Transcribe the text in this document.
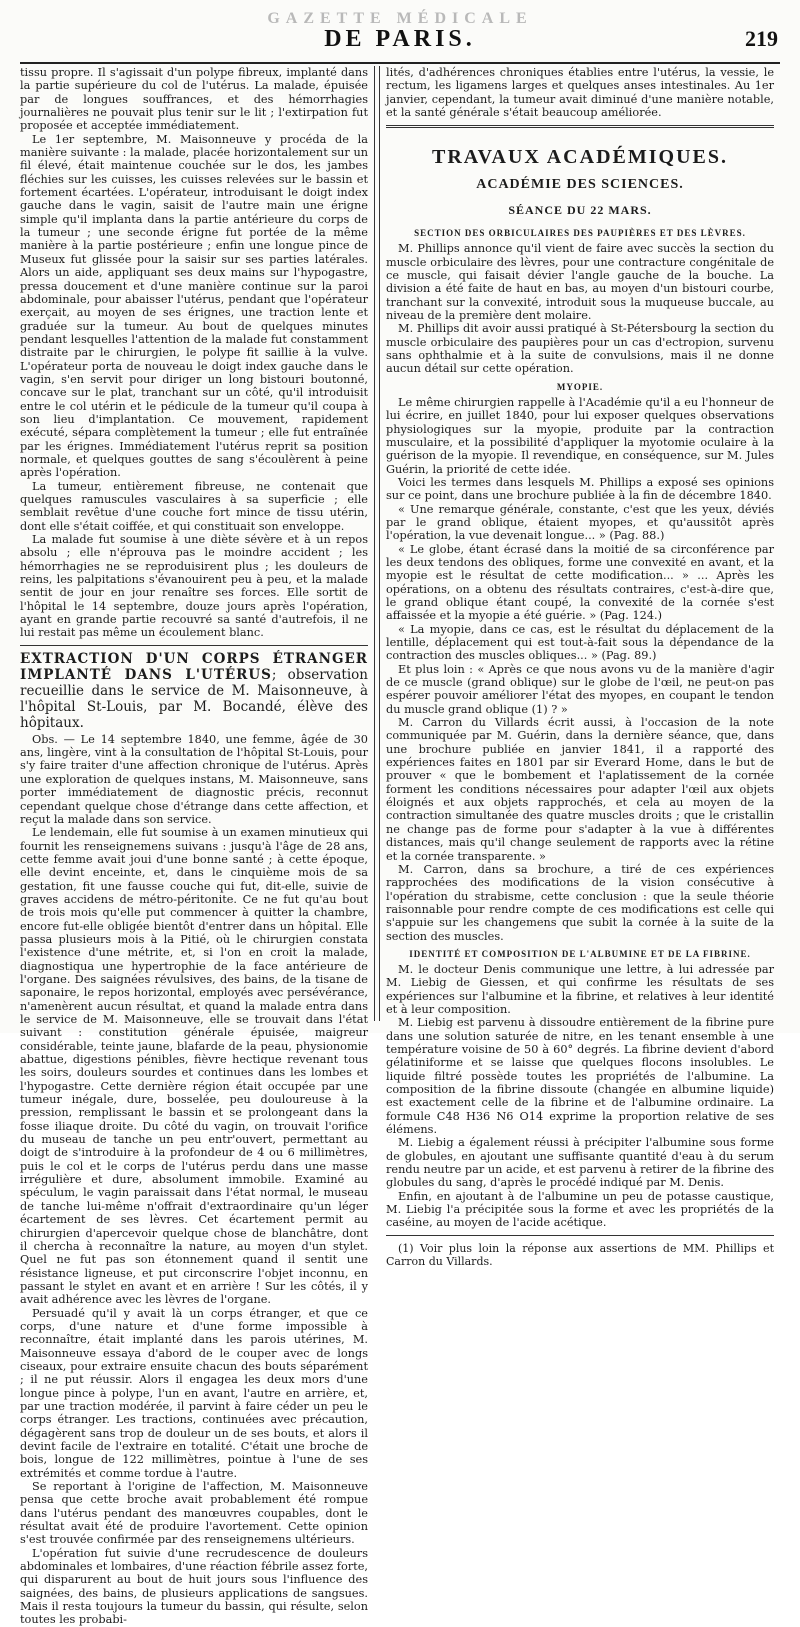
GAZETTE MÉDICALE
DE PARIS.	219

tissu propre. Il s'agissait d'un polype fibreux, implanté dans la partie supérieure du col de l'utérus. La malade, épuisée par de longues souffrances, et des hémorrhagies journalières ne pouvait plus tenir sur le lit ; l'extirpation fut proposée et acceptée immédiatement.

Le 1er septembre, M. Maisonneuve y procéda de la manière suivante : la malade, placée horizontalement sur un fil élevé, était maintenue couchée sur le dos, les jambes fléchies sur les cuisses, les cuisses relevées sur le bassin et fortement écartées. L'opérateur, introduisant le doigt index gauche dans le vagin, saisit de l'autre main une érigne simple qu'il implanta dans la partie antérieure du corps de la tumeur ; une seconde érigne fut portée de la même manière à la partie postérieure ; enfin une longue pince de Museux fut glissée pour la saisir sur ses parties latérales. Alors un aide, appliquant ses deux mains sur l'hypogastre, pressa doucement et d'une manière continue sur la paroi abdominale, pour abaisser l'utérus, pendant que l'opérateur exerçait, au moyen de ses érignes, une traction lente et graduée sur la tumeur. Au bout de quelques minutes pendant lesquelles l'attention de la malade fut constamment distraite par le chirurgien, le polype fit saillie à la vulve. L'opérateur porta de nouveau le doigt index gauche dans le vagin, s'en servit pour diriger un long bistouri boutonné, concave sur le plat, tranchant sur un côté, qu'il introduisit entre le col utérin et le pédicule de la tumeur qu'il coupa à son lieu d'implantation. Ce mouvement, rapidement exécuté, sépara complètement la tumeur ; elle fut entraînée par les érignes. Immédiatement l'utérus reprit sa position normale, et quelques gouttes de sang s'écoulèrent à peine après l'opération.

La tumeur, entièrement fibreuse, ne contenait que quelques ramuscules vasculaires à sa superficie ; elle semblait revêtue d'une couche fort mince de tissu utérin, dont elle s'était coiffée, et qui constituait son enveloppe.

La malade fut soumise à une diète sévère et à un repos absolu ; elle n'éprouva pas le moindre accident ; les hémorrhagies ne se reproduisirent plus ; les douleurs de reins, les palpitations s'évanouirent peu à peu, et la malade sentit de jour en jour renaître ses forces. Elle sortit de l'hôpital le 14 septembre, douze jours après l'opération, ayant en grande partie recouvré sa santé d'autrefois, il ne lui restait pas même un écoulement blanc.

EXTRACTION D'UN CORPS ÉTRANGER IMPLANTÉ DANS L'UTÉRUS; observation recueillie dans le service de M. Maisonneuve, à l'hôpital St-Louis, par M. Bocandé, élève des hôpitaux.

Obs. — Le 14 septembre 1840, une femme, âgée de 30 ans, lingère, vint à la consultation de l'hôpital St-Louis, pour s'y faire traiter d'une affection chronique de l'utérus. Après une exploration de quelques instans, M. Maisonneuve, sans porter immédiatement de diagnostic précis, reconnut cependant quelque chose d'étrange dans cette affection, et reçut la malade dans son service.

Le lendemain, elle fut soumise à un examen minutieux qui fournit les renseignemens suivans : jusqu'à l'âge de 28 ans, cette femme avait joui d'une bonne santé ; à cette époque, elle devint enceinte, et, dans le cinquième mois de sa gestation, fit une fausse couche qui fut, dit-elle, suivie de graves accidens de métro-péritonite. Ce ne fut qu'au bout de trois mois qu'elle put commencer à quitter la chambre, encore fut-elle obligée bientôt d'entrer dans un hôpital. Elle passa plusieurs mois à la Pitié, où le chirurgien constata l'existence d'une métrite, et, si l'on en croit la malade, diagnostiqua une hypertrophie de la face antérieure de l'organe. Des saignées révulsives, des bains, de la tisane de saponaire, le repos horizontal, employés avec persévérance, n'amenèrent aucun résultat, et quand la malade entra dans le service de M. Maisonneuve, elle se trouvait dans l'état suivant : constitution générale épuisée, maigreur considérable, teinte jaune, blafarde de la peau, physionomie abattue, digestions pénibles, fièvre hectique revenant tous les soirs, douleurs sourdes et continues dans les lombes et l'hypogastre. Cette dernière région était occupée par une tumeur inégale, dure, bosselée, peu douloureuse à la pression, remplissant le bassin et se prolongeant dans la fosse iliaque droite. Du côté du vagin, on trouvait l'orifice du museau de tanche un peu entr'ouvert, permettant au doigt de s'introduire à la profondeur de 4 ou 6 millimètres, puis le col et le corps de l'utérus perdu dans une masse irrégulière et dure, absolument immobile. Examiné au spéculum, le vagin paraissait dans l'état normal, le museau de tanche lui-même n'offrait d'extraordinaire qu'un léger écartement de ses lèvres. Cet écartement permit au chirurgien d'apercevoir quelque chose de blanchâtre, dont il chercha à reconnaître la nature, au moyen d'un stylet. Quel ne fut pas son étonnement quand il sentit une résistance ligneuse, et put circonscrire l'objet inconnu, en passant le stylet en avant et en arrière ! Sur les côtés, il y avait adhérence avec les lèvres de l'organe.

Persuadé qu'il y avait là un corps étranger, et que ce corps, d'une nature et d'une forme impossible à reconnaître, était implanté dans les parois utérines, M. Maisonneuve essaya d'abord de le couper avec de longs ciseaux, pour extraire ensuite chacun des bouts séparément ; il ne put réussir. Alors il engagea les deux mors d'une longue pince à polype, l'un en avant, l'autre en arrière, et, par une traction modérée, il parvint à faire céder un peu le corps étranger. Les tractions, continuées avec précaution, dégagèrent sans trop de douleur un de ses bouts, et alors il devint facile de l'extraire en totalité. C'était une broche de bois, longue de 122 millimètres, pointue à l'une de ses extrémités et comme tordue à l'autre.

Se reportant à l'origine de l'affection, M. Maisonneuve pensa que cette broche avait probablement été rompue dans l'utérus pendant des manœuvres coupables, dont le résultat avait été de produire l'avortement. Cette opinion s'est trouvée confirmée par des renseignemens ultérieurs.

L'opération fut suivie d'une recrudescence de douleurs abdominales et lombaires, d'une réaction fébrile assez forte, qui disparurent au bout de huit jours sous l'influence des saignées, des bains, de plusieurs applications de sangsues. Mais il resta toujours la tumeur du bassin, qui résulte, selon toutes les probabi-

lités, d'adhérences chroniques établies entre l'utérus, la vessie, le rectum, les ligamens larges et quelques anses intestinales. Au 1er janvier, cependant, la tumeur avait diminué d'une manière notable, et la santé générale s'était beaucoup améliorée.

TRAVAUX ACADÉMIQUES.
ACADÉMIE DES SCIENCES.
SÉANCE DU 22 MARS.
SECTION DES ORBICULAIRES DES PAUPIÈRES ET DES LÈVRES.

M. Phillips annonce qu'il vient de faire avec succès la section du muscle orbiculaire des lèvres, pour une contracture congénitale de ce muscle, qui faisait dévier l'angle gauche de la bouche. La division a été faite de haut en bas, au moyen d'un bistouri courbe, tranchant sur la convexité, introduit sous la muqueuse buccale, au niveau de la première dent molaire.

M. Phillips dit avoir aussi pratiqué à St-Pétersbourg la section du muscle orbiculaire des paupières pour un cas d'ectropion, survenu sans ophthalmie et à la suite de convulsions, mais il ne donne aucun détail sur cette opération.

MYOPIE.

Le même chirurgien rappelle à l'Académie qu'il a eu l'honneur de lui écrire, en juillet 1840, pour lui exposer quelques observations physiologiques sur la myopie, produite par la contraction musculaire, et la possibilité d'appliquer la myotomie oculaire à la guérison de la myopie. Il revendique, en conséquence, sur M. Jules Guérin, la priorité de cette idée.

Voici les termes dans lesquels M. Phillips a exposé ses opinions sur ce point, dans une brochure publiée à la fin de décembre 1840.

« Une remarque générale, constante, c'est que les yeux, déviés par le grand oblique, étaient myopes, et qu'aussitôt après l'opération, la vue devenait longue... » (Pag. 88.)

« Le globe, étant écrasé dans la moitié de sa circonférence par les deux tendons des obliques, forme une convexité en avant, et la myopie est le résultat de cette modification... » ... Après les opérations, on a obtenu des résultats contraires, c'est-à-dire que, le grand oblique étant coupé, la convexité de la cornée s'est affaissée et la myopie a été guérie. » (Pag. 124.)

« La myopie, dans ce cas, est le résultat du déplacement de la lentille, déplacement qui est tout-à-fait sous la dépendance de la contraction des muscles obliques... » (Pag. 89.)

Et plus loin : « Après ce que nous avons vu de la manière d'agir de ce muscle (grand oblique) sur le globe de l'œil, ne peut-on pas espérer pouvoir améliorer l'état des myopes, en coupant le tendon du muscle grand oblique (1) ? »

M. Carron du Villards écrit aussi, à l'occasion de la note communiquée par M. Guérin, dans la dernière séance, que, dans une brochure publiée en janvier 1841, il a rapporté des expériences faites en 1801 par sir Everard Home, dans le but de prouver « que le bombement et l'aplatissement de la cornée forment les conditions nécessaires pour adapter l'œil aux objets éloignés et aux objets rapprochés, et cela au moyen de la contraction simultanée des quatre muscles droits ; que le cristallin ne change pas de forme pour s'adapter à la vue à différentes distances, mais qu'il change seulement de rapports avec la rétine et la cornée transparente. »

M. Carron, dans sa brochure, a tiré de ces expériences rapprochées des modifications de la vision consécutive à l'opération du strabisme, cette conclusion : que la seule théorie raisonnable pour rendre compte de ces modifications est celle qui s'appuie sur les changemens que subit la cornée à la suite de la section des muscles.

IDENTITÉ ET COMPOSITION DE L'ALBUMINE ET DE LA FIBRINE.

M. le docteur Denis communique une lettre, à lui adressée par M. Liebig de Giessen, et qui confirme les résultats de ses expériences sur l'albumine et la fibrine, et relatives à leur identité et à leur composition.

M. Liebig est parvenu à dissoudre entièrement de la fibrine pure dans une solution saturée de nitre, en les tenant ensemble à une température voisine de 50 à 60° degrés. La fibrine devient d'abord gélatiniforme et se laisse que quelques flocons insolubles. Le liquide filtré possède toutes les propriétés de l'albumine. La composition de la fibrine dissoute (changée en albumine liquide) est exactement celle de la fibrine et de l'albumine ordinaire. La formule C48 H36 N6 O14 exprime la proportion relative de ses élémens.

M. Liebig a également réussi à précipiter l'albumine sous forme de globules, en ajoutant une suffisante quantité d'eau à du serum rendu neutre par un acide, et est parvenu à retirer de la fibrine des globules du sang, d'après le procédé indiqué par M. Denis.

Enfin, en ajoutant à de l'albumine un peu de potasse caustique, M. Liebig l'a précipitée sous la forme et avec les propriétés de la caséine, au moyen de l'acide acétique.

(1) Voir plus loin la réponse aux assertions de MM. Phillips et Carron du Villards.
